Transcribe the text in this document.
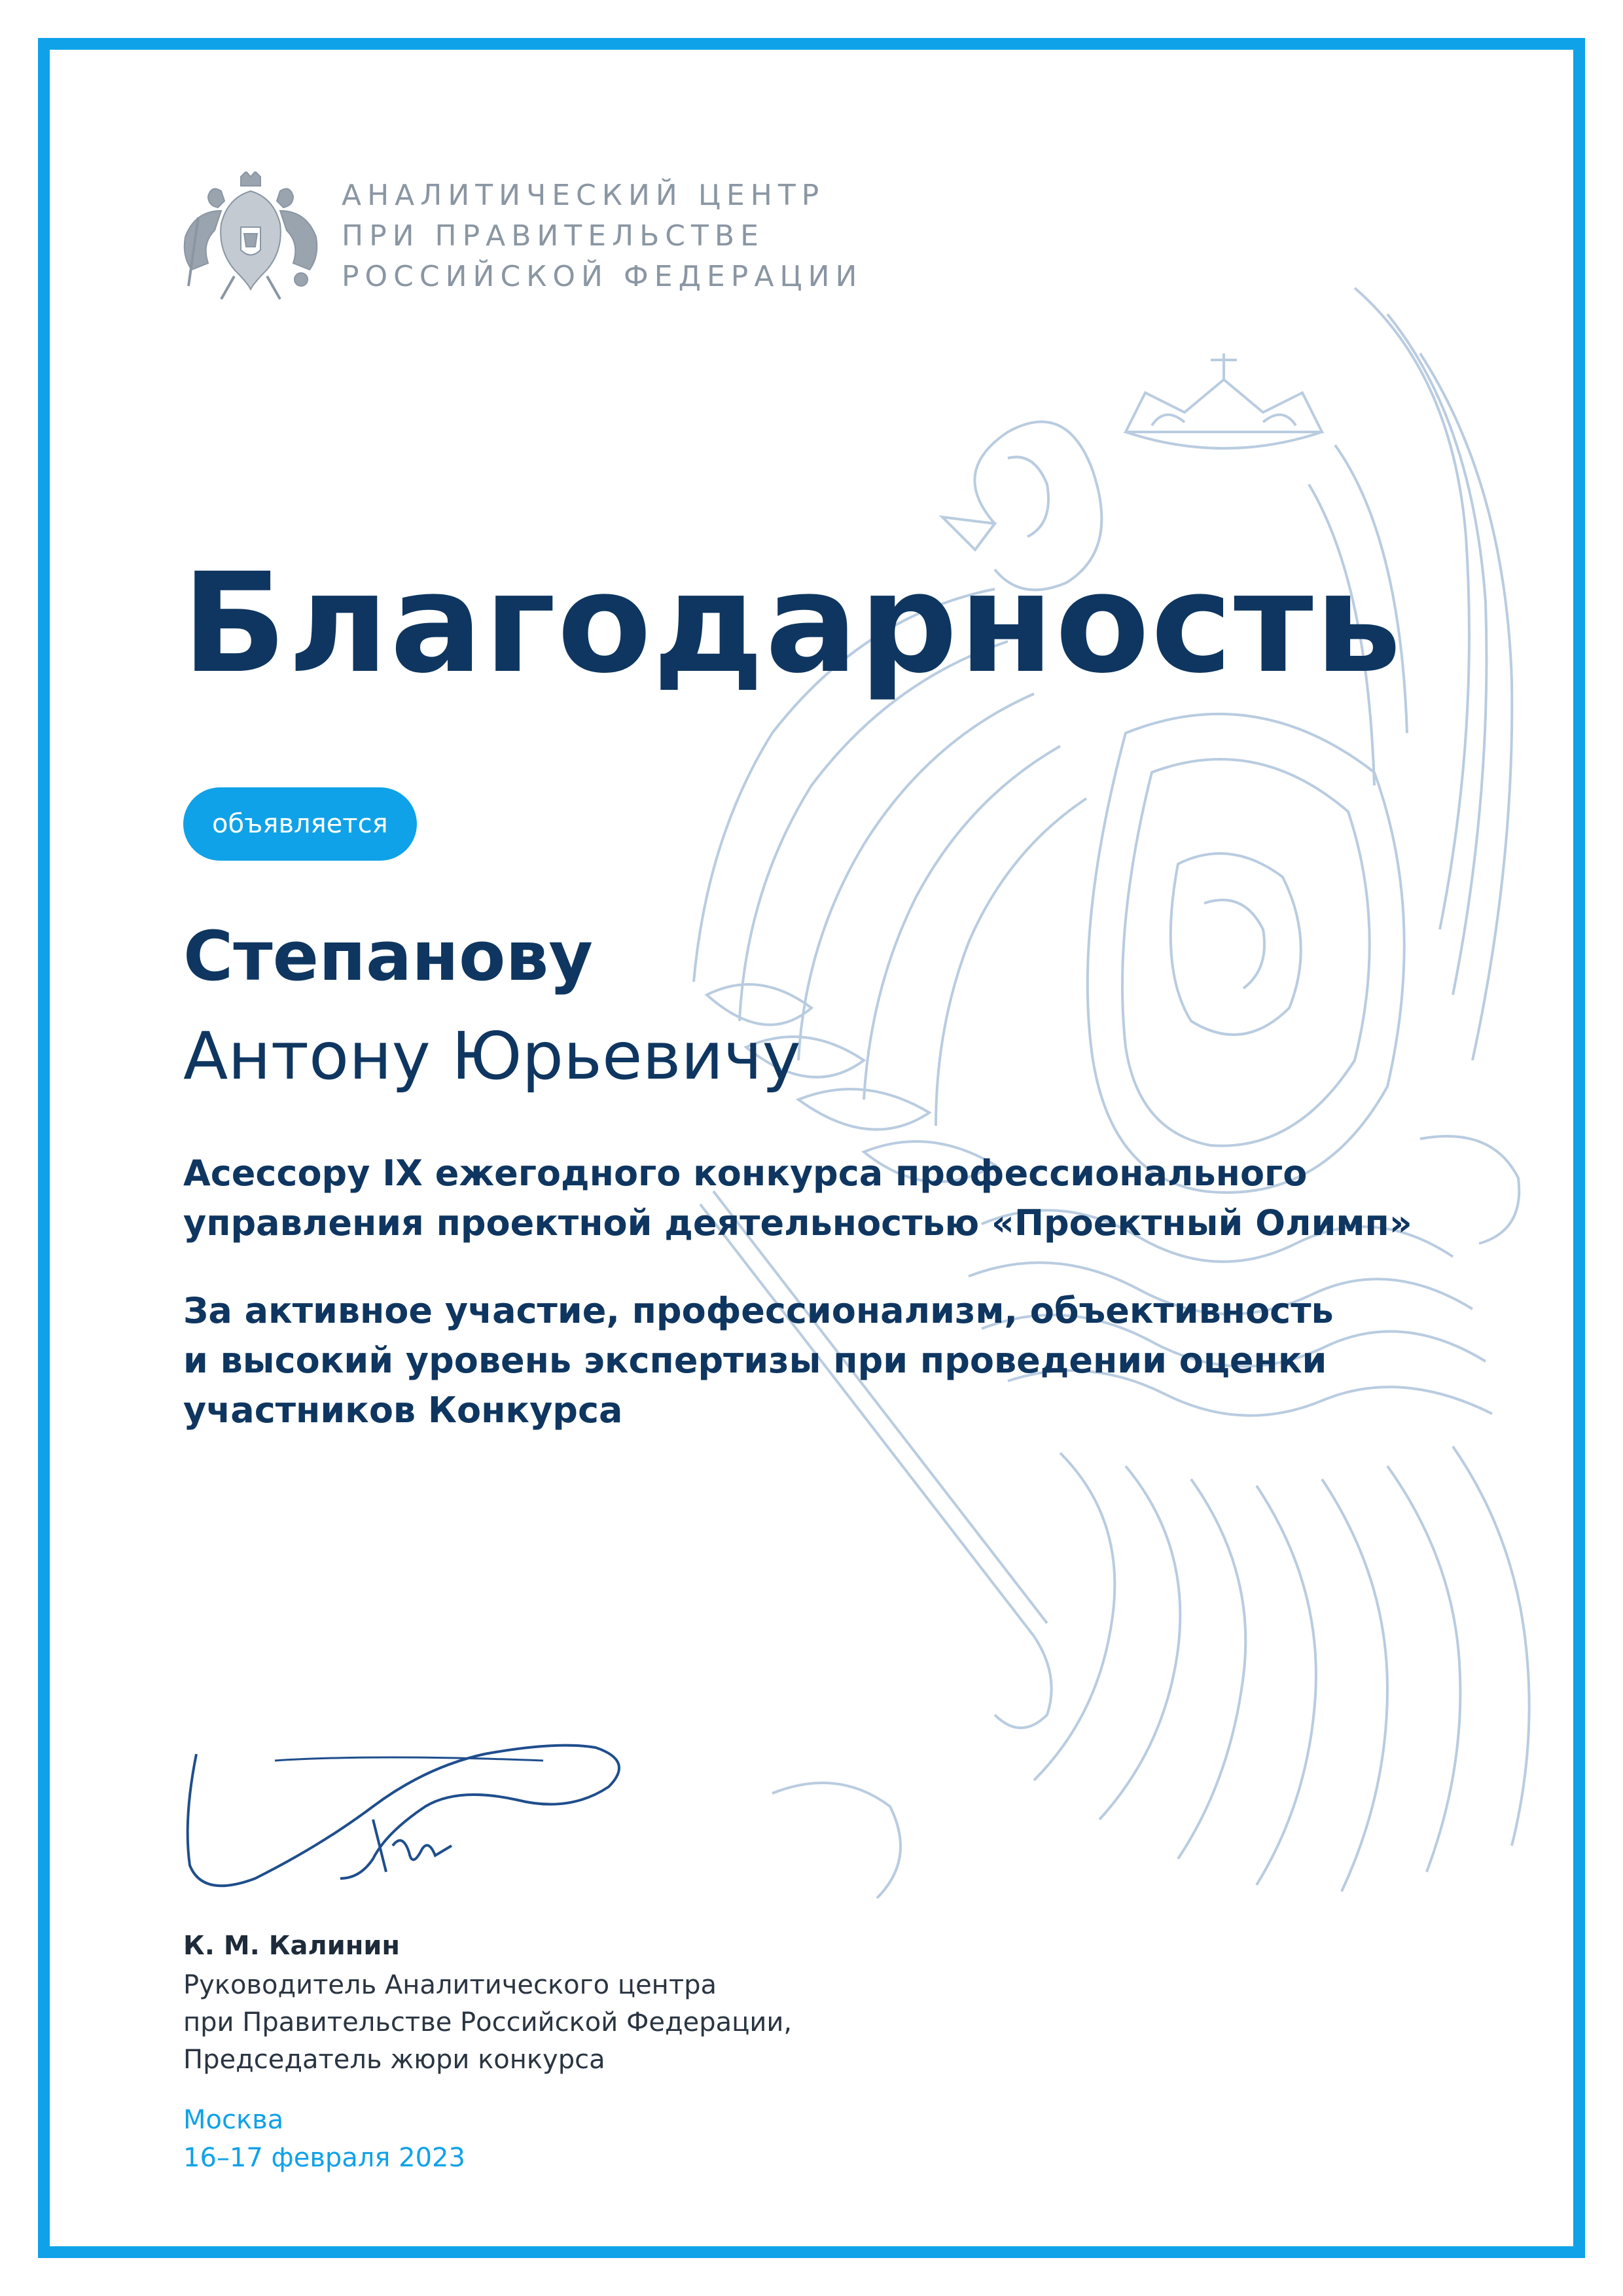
АНАЛИТИЧЕСКИЙ ЦЕНТР
ПРИ ПРАВИТЕЛЬСТВЕ
РОССИЙСКОЙ ФЕДЕРАЦИИ
Благодарность
объявляется
Степанову
Антону Юрьевичу
Асессору IX ежегодного конкурса профессионального
управления проектной деятельностью «Проектный Олимп»
За активное участие, профессионализм, объективность
и высокий уровень экспертизы при проведении оценки
участников Конкурса
К. М. Калинин
Руководитель Аналитического центра
при Правительстве Российской Федерации,
Председатель жюри конкурса
Москва
16–17 февраля 2023
